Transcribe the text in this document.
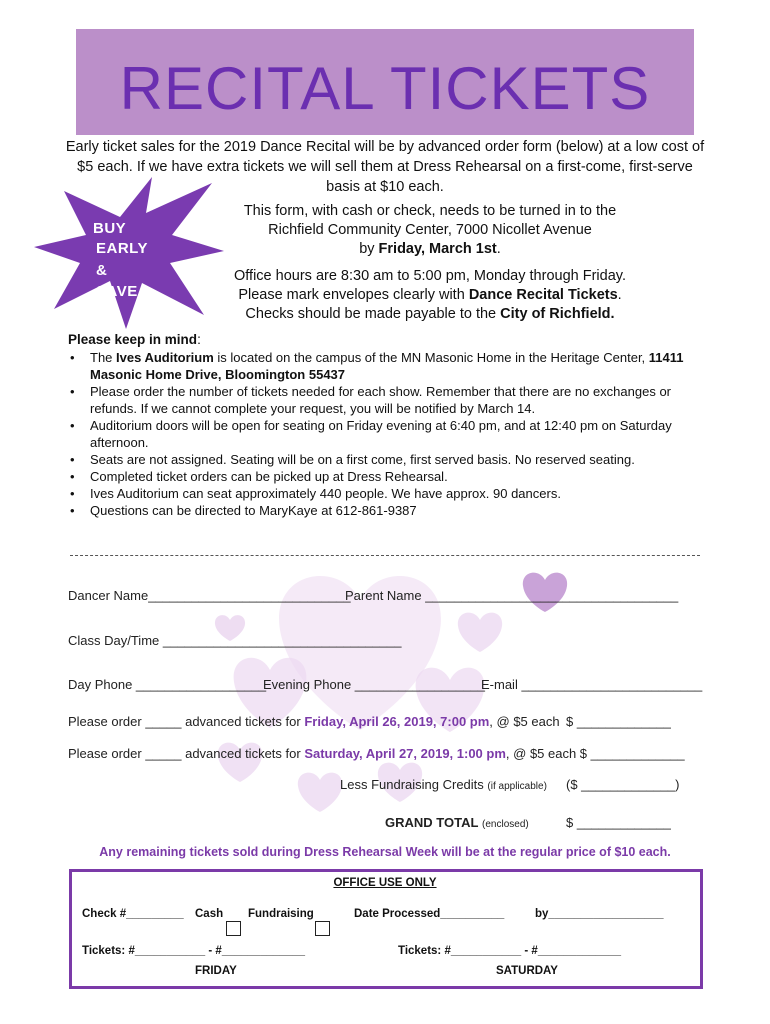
RECITAL TICKETS
Early ticket sales for the 2019 Dance Recital will be by advanced order form (below) at a low cost of $5 each. If we have extra tickets we will sell them at Dress Rehearsal on a first-come, first-serve basis at $10 each.
BUY
EARLY
&
SAVE
This form, with cash or check, needs to be turned in to the
Richfield Community Center, 7000 Nicollet Avenue
by Friday, March 1st.
Office hours are 8:30 am to 5:00 pm, Monday through Friday.
Please mark envelopes clearly with Dance Recital Tickets.
Checks should be made payable to the City of Richfield.
Please keep in mind:
• The Ives Auditorium is located on the campus of the MN Masonic Home in the Heritage Center, 11411 Masonic Home Drive, Bloomington 55437
• Please order the number of tickets needed for each show. Remember that there are no exchanges or refunds. If we cannot complete your request, you will be notified by March 14.
• Auditorium doors will be open for seating on Friday evening at 6:40 pm, and at 12:40 pm on Saturday afternoon.
• Seats are not assigned. Seating will be on a first come, first served basis. No reserved seating.
• Completed ticket orders can be picked up at Dress Rehearsal.
• Ives Auditorium can seat approximately 440 people. We have approx. 90 dancers.
• Questions can be directed to MaryKaye at 612-861-9387
Dancer Name____________________________
Parent Name ___________________________________
Class Day/Time _________________________________
Day Phone __________________
Evening Phone __________________
E-mail _________________________
Please order _____ advanced tickets for Friday, April 26, 2019, 7:00 pm, @ $5 each $ _____________
Please order _____ advanced tickets for Saturday, April 27, 2019, 1:00 pm, @ $5 each $ _____________
Less Fundraising Credits (if applicable) ($ _____________)
GRAND TOTAL (enclosed)	$ _____________
Any remaining tickets sold during Dress Rehearsal Week will be at the regular price of $10 each.
OFFICE USE ONLY
Check #_________ Cash Fundraising	Date Processed__________	by__________________
Tickets: #___________ - #_____________	Tickets: #___________ - #_____________
FRIDAY	SATURDAY
